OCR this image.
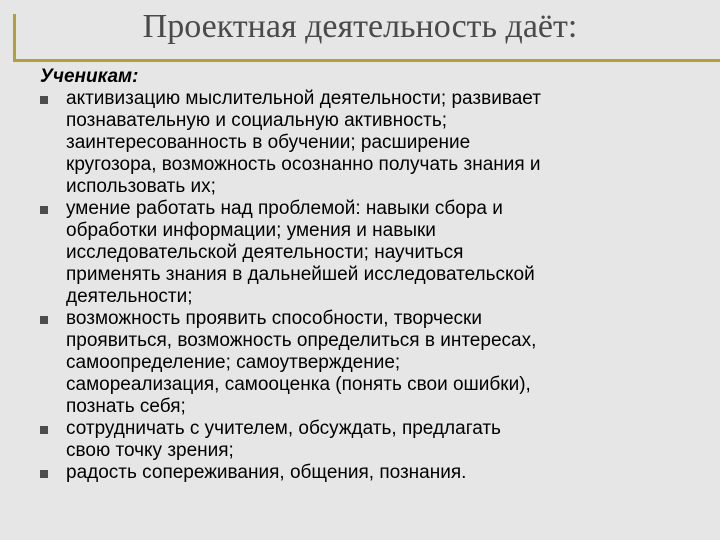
Проектная деятельность даёт:

Ученикам:

активизацию мыслительной деятельности; развивает
познавательную и социальную активность;
заинтересованность в обучении; расширение
кругозора, возможность осознанно получать знания и
использовать их;
умение работать над проблемой: навыки сбора и
обработки информации; умения и навыки
исследовательской деятельности; научиться
применять знания в дальнейшей исследовательской
деятельности;
возможность проявить способности, творчески
проявиться, возможность определиться в интересах,
самоопределение; самоутверждение;
самореализация, самооценка (понять свои ошибки),
познать себя;
сотрудничать с учителем, обсуждать, предлагать
свою точку зрения;
радость сопереживания, общения, познания.
